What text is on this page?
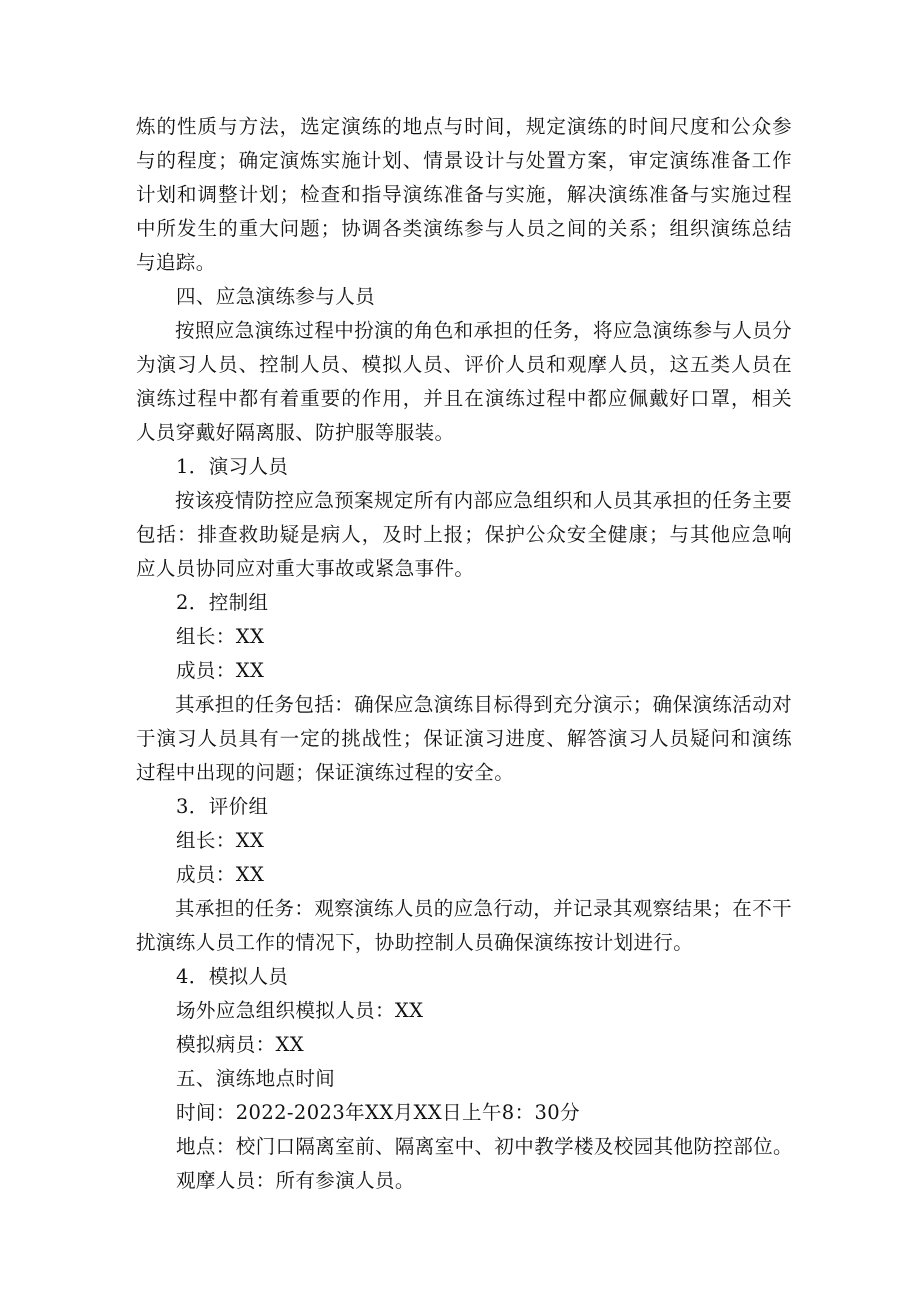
炼的性质与方法，选定演练的地点与时间，规定演练的时间尺度和公众参与的程度；确定演炼实施计划、情景设计与处置方案，审定演练准备工作计划和调整计划；检查和指导演练准备与实施，解决演练准备与实施过程中所发生的重大问题；协调各类演练参与人员之间的关系；组织演练总结与追踪。

四、应急演练参与人员

按照应急演练过程中扮演的角色和承担的任务，将应急演练参与人员分为演习人员、控制人员、模拟人员、评价人员和观摩人员，这五类人员在演练过程中都有着重要的作用，并且在演练过程中都应佩戴好口罩，相关人员穿戴好隔离服、防护服等服装。

1．演习人员

按该疫情防控应急预案规定所有内部应急组织和人员其承担的任务主要包括：排查救助疑是病人，及时上报；保护公众安全健康；与其他应急响应人员协同应对重大事故或紧急事件。

2．控制组

组长：XX

成员：XX

其承担的任务包括：确保应急演练目标得到充分演示；确保演练活动对于演习人员具有一定的挑战性；保证演习进度、解答演习人员疑问和演练过程中出现的问题；保证演练过程的安全。

3．评价组

组长：XX

成员：XX

其承担的任务：观察演练人员的应急行动，并记录其观察结果；在不干扰演练人员工作的情况下，协助控制人员确保演练按计划进行。

4．模拟人员

场外应急组织模拟人员：XX

模拟病员：XX

五、演练地点时间

时间：2022-2023年XX月XX日上午8：30分

地点：校门口隔离室前、隔离室中、初中教学楼及校园其他防控部位。

观摩人员：所有参演人员。
